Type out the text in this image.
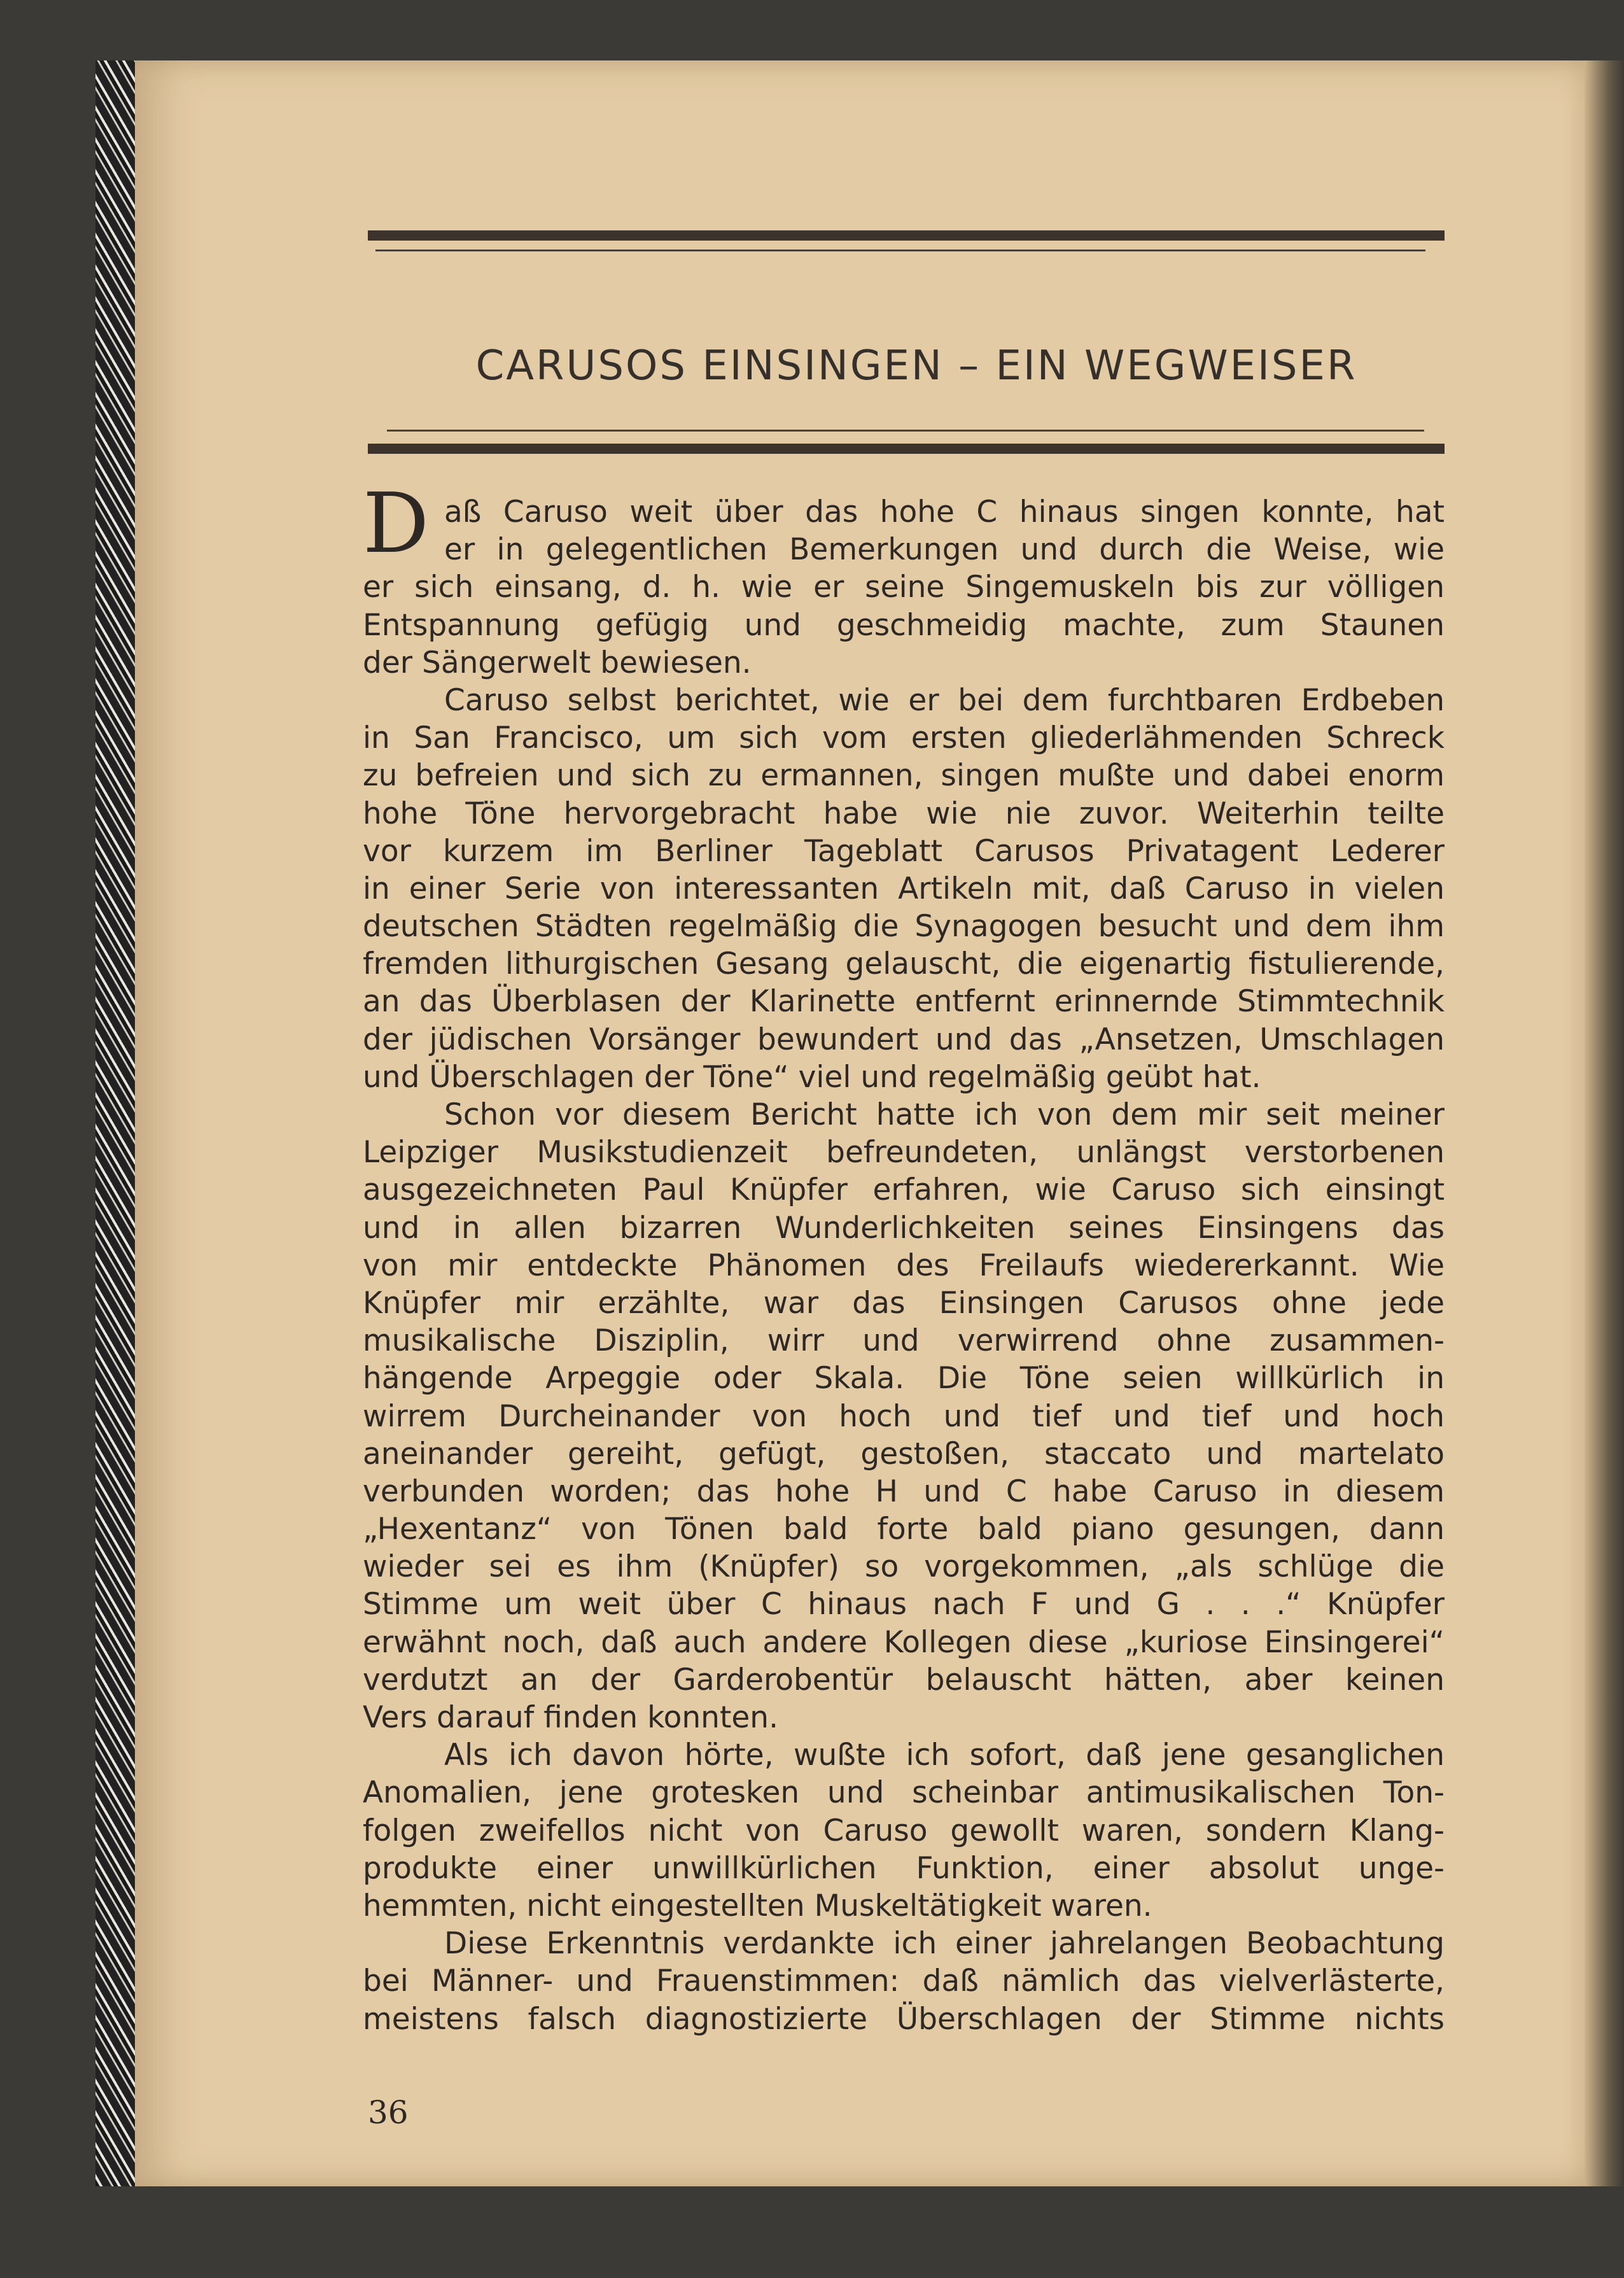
CARUSOS EINSINGEN – EIN WEGWEISER
D aß Caruso weit über das hohe C hinaus singen konnte, hat
er in gelegentlichen Bemerkungen und durch die Weise, wie
er sich einsang, d. h. wie er seine Singemuskeln bis zur völligen
Entspannung gefügig und geschmeidig machte, zum Staunen
der Sängerwelt bewiesen.
Caruso selbst berichtet, wie er bei dem furchtbaren Erdbeben
in San Francisco, um sich vom ersten gliederlähmenden Schreck
zu befreien und sich zu ermannen, singen mußte und dabei enorm
hohe Töne hervorgebracht habe wie nie zuvor. Weiterhin teilte
vor kurzem im Berliner Tageblatt Carusos Privatagent Lederer
in einer Serie von interessanten Artikeln mit, daß Caruso in vielen
deutschen Städten regelmäßig die Synagogen besucht und dem ihm
fremden lithurgischen Gesang gelauscht, die eigenartig fistulierende,
an das Überblasen der Klarinette entfernt erinnernde Stimmtechnik
der jüdischen Vorsänger bewundert und das „Ansetzen, Umschlagen
und Überschlagen der Töne“ viel und regelmäßig geübt hat.
Schon vor diesem Bericht hatte ich von dem mir seit meiner
Leipziger Musikstudienzeit befreundeten, unlängst verstorbenen
ausgezeichneten Paul Knüpfer erfahren, wie Caruso sich einsingt
und in allen bizarren Wunderlichkeiten seines Einsingens das
von mir entdeckte Phänomen des Freilaufs wiedererkannt. Wie
Knüpfer mir erzählte, war das Einsingen Carusos ohne jede
musikalische Disziplin, wirr und verwirrend ohne zusammen-
hängende Arpeggie oder Skala. Die Töne seien willkürlich in
wirrem Durcheinander von hoch und tief und tief und hoch
aneinander gereiht, gefügt, gestoßen, staccato und martelato
verbunden worden; das hohe H und C habe Caruso in diesem
„Hexentanz“ von Tönen bald forte bald piano gesungen, dann
wieder sei es ihm (Knüpfer) so vorgekommen, „als schlüge die
Stimme um weit über C hinaus nach F und G . . .“ Knüpfer
erwähnt noch, daß auch andere Kollegen diese „kuriose Einsingerei“
verdutzt an der Garderobentür belauscht hätten, aber keinen
Vers darauf finden konnten.
Als ich davon hörte, wußte ich sofort, daß jene gesanglichen
Anomalien, jene grotesken und scheinbar antimusikalischen Ton-
folgen zweifellos nicht von Caruso gewollt waren, sondern Klang-
produkte einer unwillkürlichen Funktion, einer absolut unge-
hemmten, nicht eingestellten Muskeltätigkeit waren.
Diese Erkenntnis verdankte ich einer jahrelangen Beobachtung
bei Männer- und Frauenstimmen: daß nämlich das vielverlästerte,
meistens falsch diagnostizierte Überschlagen der Stimme nichts
36
